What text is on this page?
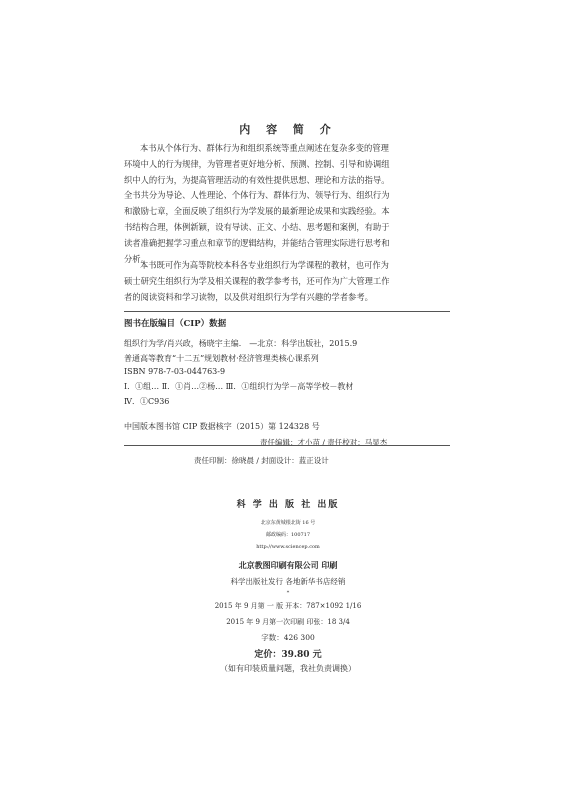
内 容 简 介
本书从个体行为、群体行为和组织系统等重点阐述在复杂多变的管理
环境中人的行为规律，为管理者更好地分析、预测、控制、引导和协调组
织中人的行为，为提高管理活动的有效性提供思想、理论和方法的指导。
全书共分为导论、人性理论、个体行为、群体行为、领导行为、组织行为
和激励七章，全面反映了组织行为学发展的最新理论成果和实践经验。本
书结构合理，体例新颖，设有导读、正文、小结、思考题和案例，有助于
读者准确把握学习重点和章节的逻辑结构，并能结合管理实际进行思考和
分析。
本书既可作为高等院校本科各专业组织行为学课程的教材，也可作为
硕士研究生组织行为学及相关课程的教学参考书，还可作为广大管理工作
者的阅读资料和学习读物，以及供对组织行为学有兴趣的学者参考。
图书在版编目（CIP）数据
组织行为学/肖兴政，杨晓宇主编． —北京：科学出版社，2015.9
普通高等教育“十二五”规划教材·经济管理类核心课系列
ISBN 978-7-03-044763-9
Ⅰ．①组… Ⅱ．①肖…②杨… Ⅲ．①组织行为学－高等学校－教材
Ⅳ．①C936
中国版本图书馆 CIP 数据核字（2015）第 124328 号
责任编辑：才小苗 / 责任校对：马显杰
责任印制：徐晓晨 / 封面设计：蓝正设计
科 学 出 版 社 出版
北京东黄城根北街 16 号
邮政编码：100717
http://www.sciencep.com
北京教图印刷有限公司 印刷
科学出版社发行 各地新华书店经销
*
2015 年 9 月第 一 版 开本：787×1092 1/16
2015 年 9 月第一次印刷 印张：18 3/4
字数：426 300
定价：39.80 元
（如有印装质量问题，我社负责调换）
